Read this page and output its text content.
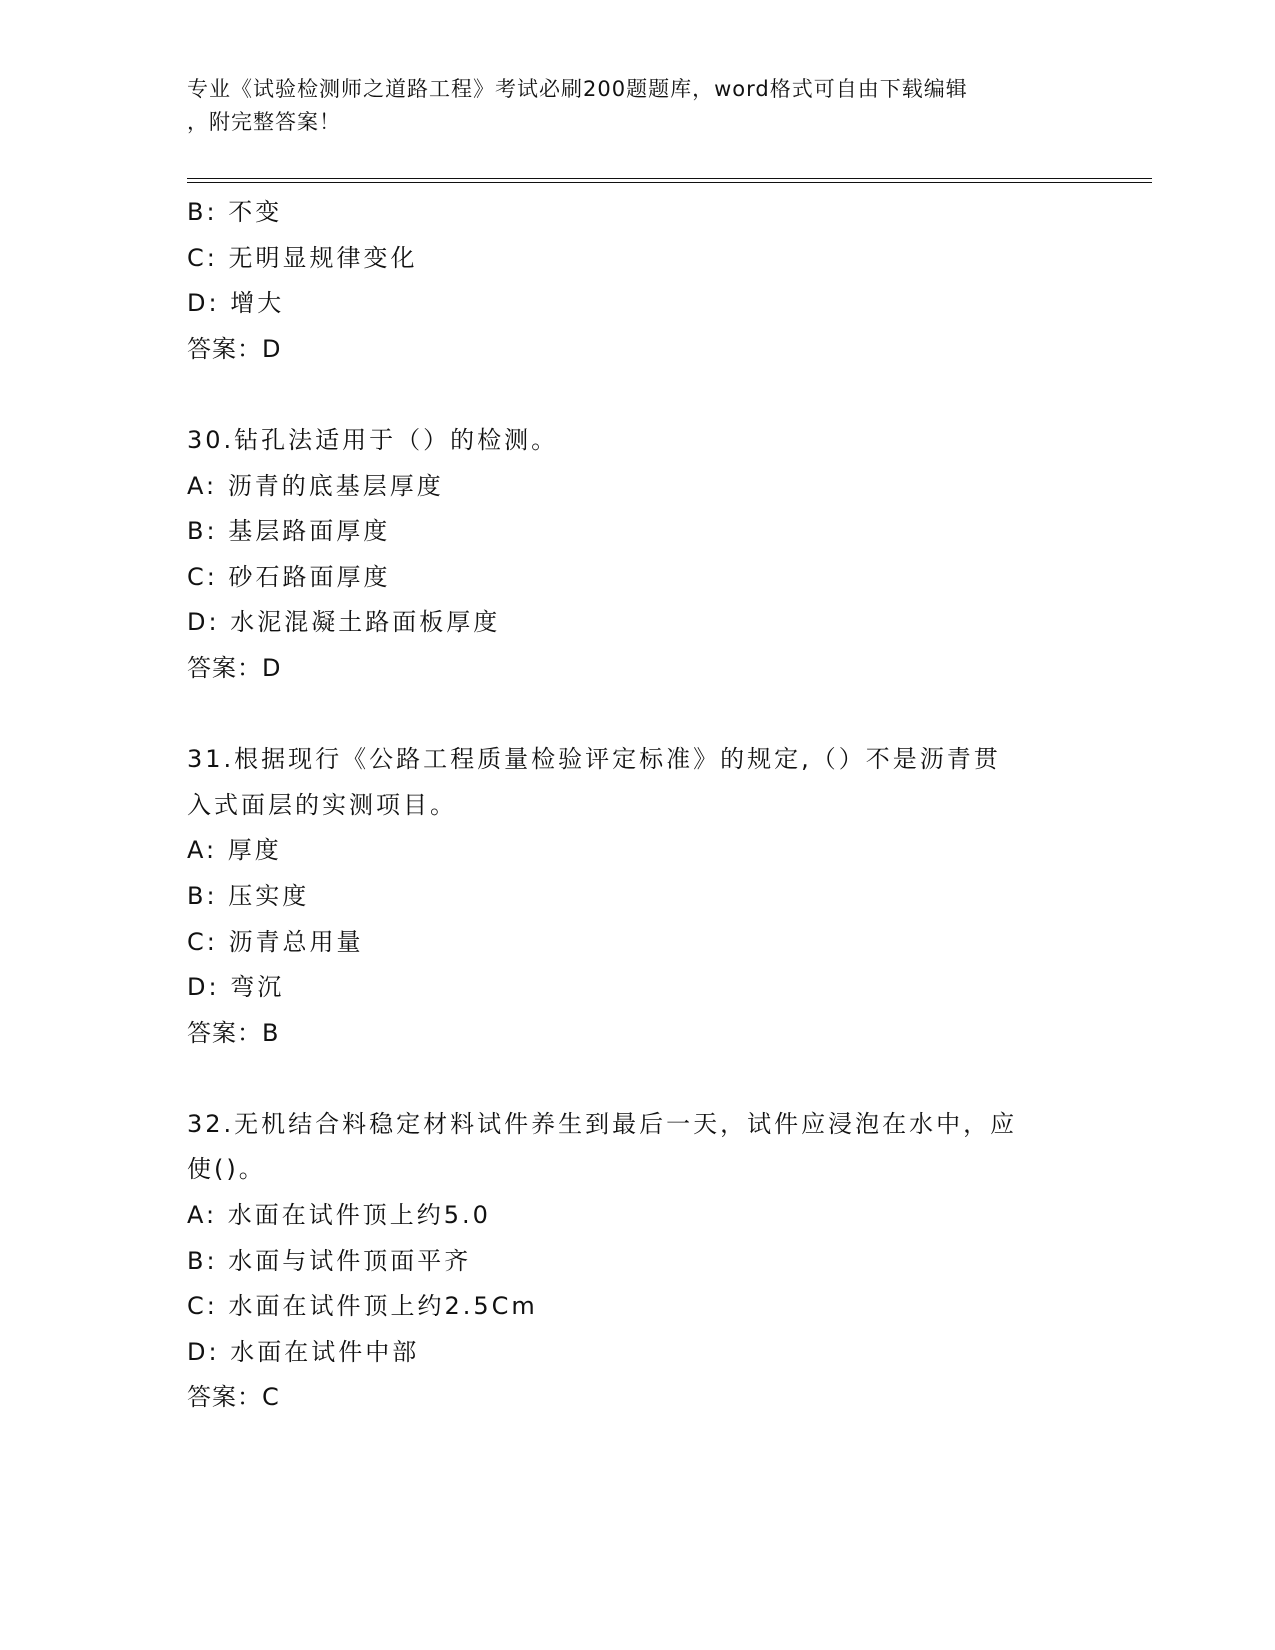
专业《试验检测师之道路工程》考试必刷200题题库，word格式可自由下载编辑
，附完整答案！
B: 不变
C: 无明显规律变化
D: 增大
答案：D
30.钻孔法适用于（）的检测。
A: 沥青的底基层厚度
B: 基层路面厚度
C: 砂石路面厚度
D: 水泥混凝土路面板厚度
答案：D
31.根据现行《公路工程质量检验评定标准》的规定,（）不是沥青贯
入式面层的实测项目。
A: 厚度
B: 压实度
C: 沥青总用量
D: 弯沉
答案：B
32.无机结合料稳定材料试件养生到最后一天，试件应浸泡在水中，应
使()。
A: 水面在试件顶上约5.0
B: 水面与试件顶面平齐
C: 水面在试件顶上约2.5Cm
D: 水面在试件中部
答案：C
